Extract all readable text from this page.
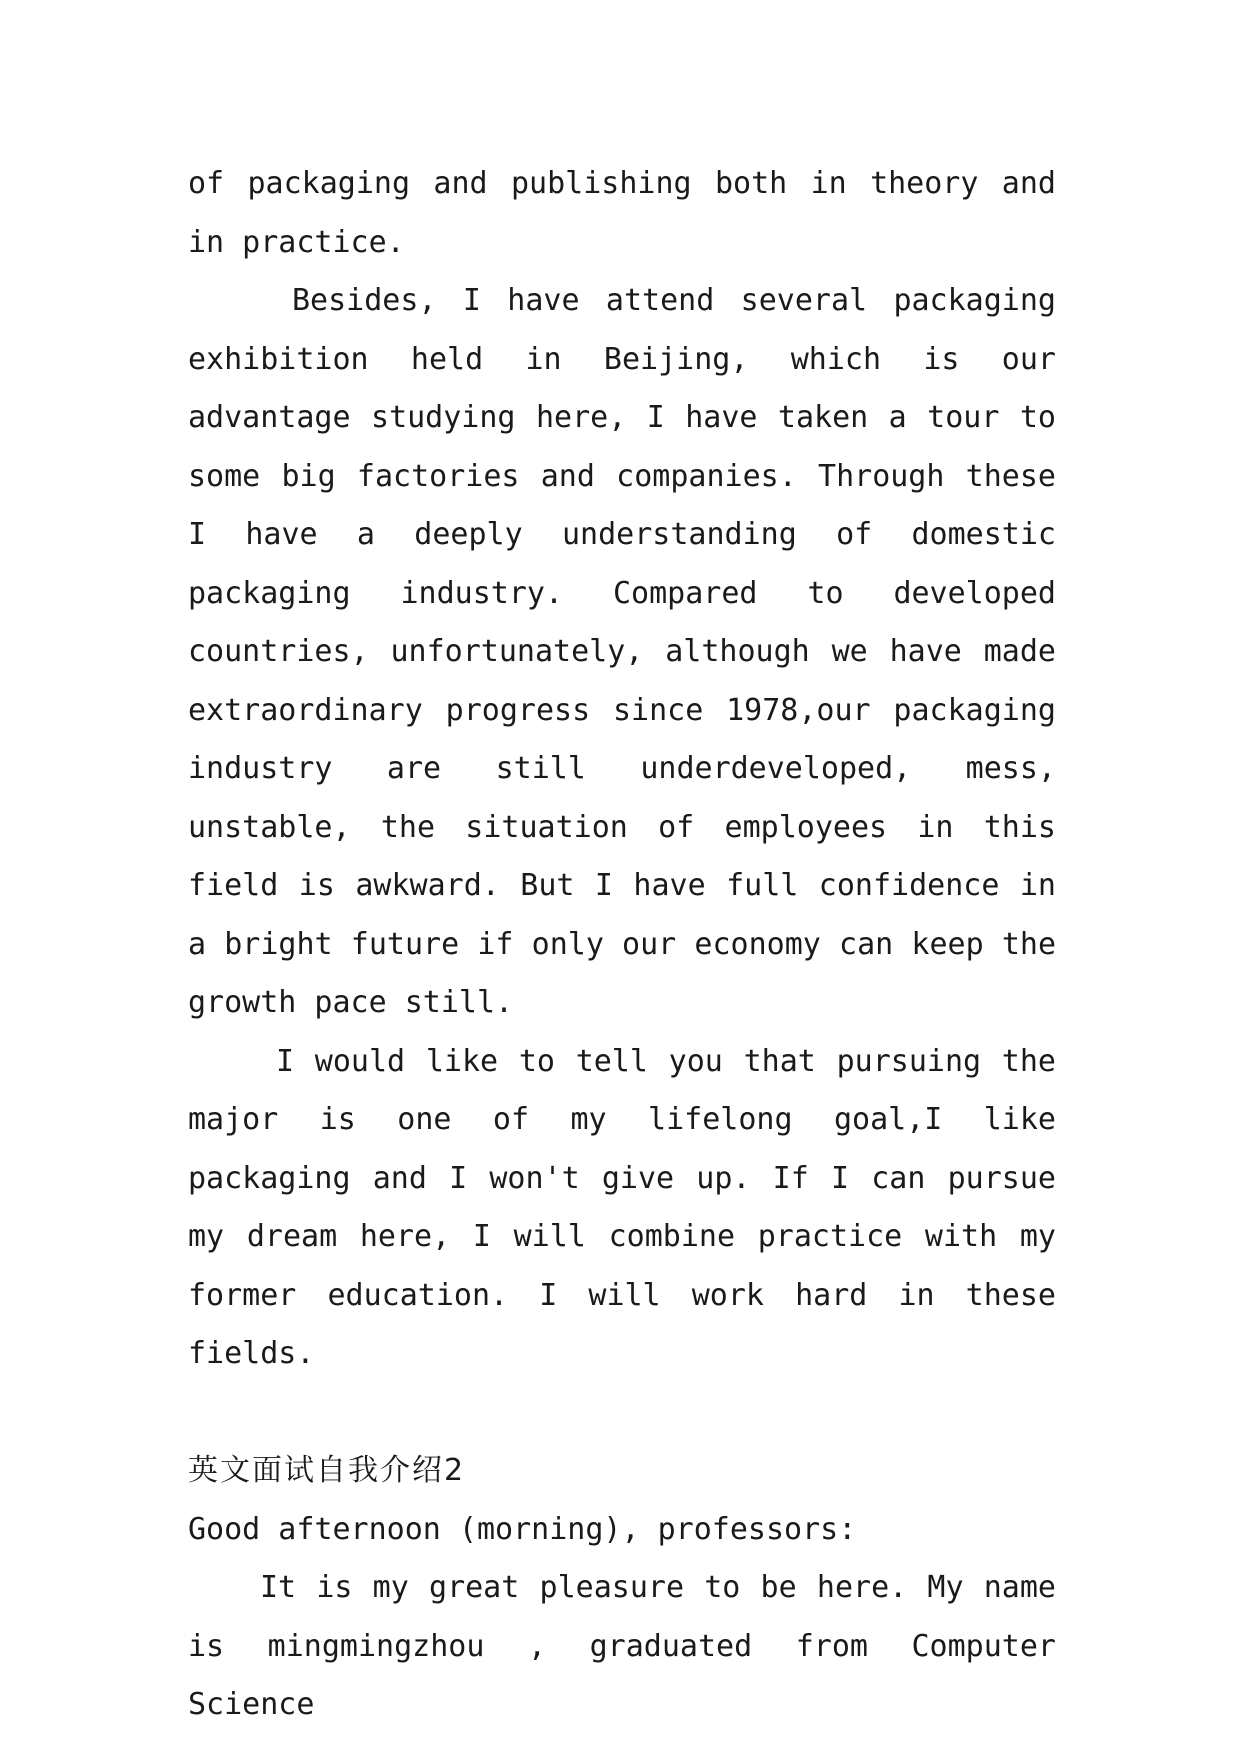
of packaging and publishing both in theory and in practice.

Besides, I have attend several packaging exhibition held in Beijing, which is our advantage studying here, I have taken a tour to some big factories and companies. Through these I have a deeply understanding of domestic packaging industry. Compared to developed countries, unfortunately, although we have made extraordinary progress since 1978,our packaging industry are still underdeveloped, mess, unstable, the situation of employees in this field is awkward. But I have full confidence in a bright future if only our economy can keep the growth pace still.

I would like to tell you that pursuing the major is one of my lifelong goal,I like packaging and I won't give up. If I can pursue my dream here, I will combine practice with my former education. I will work hard in these fields.

英文面试自我介绍2

Good afternoon (morning), professors:

It is my great pleasure to be here. My name is mingmingzhou , graduated from Computer Science
